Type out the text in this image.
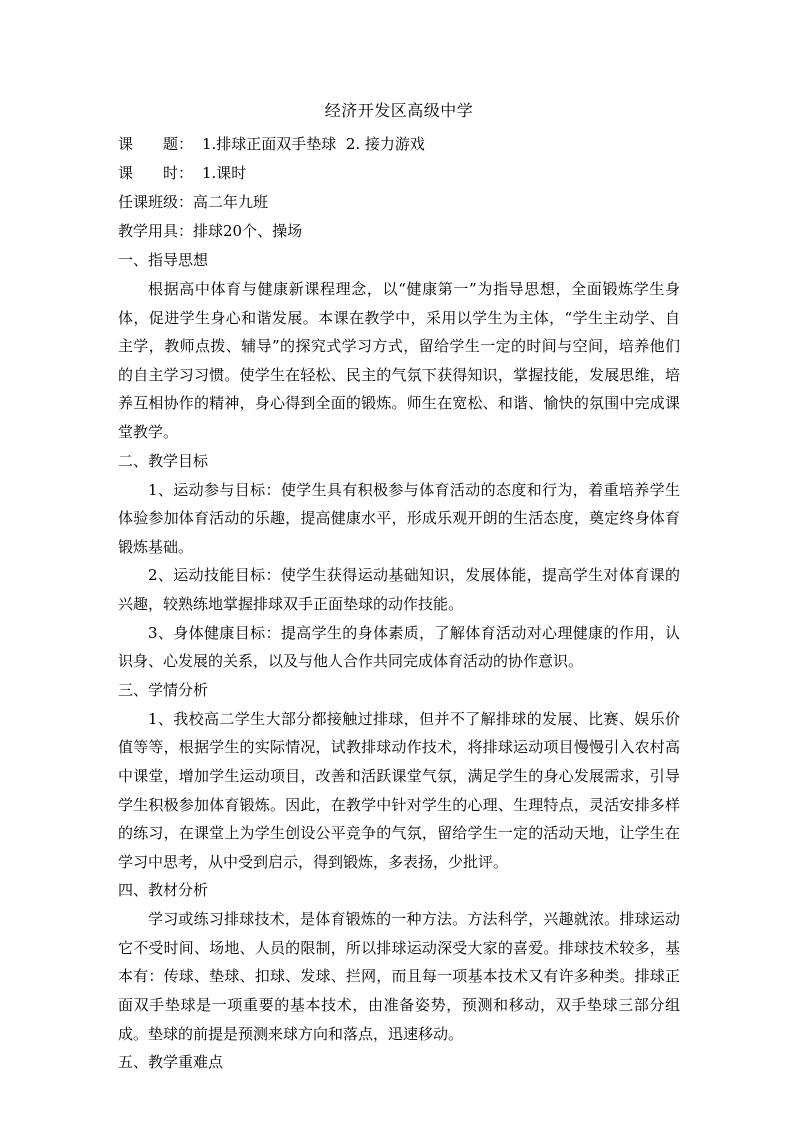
经济开发区高级中学
课 题： 1.排球正面双手垫球  2. 接力游戏
课 时： 1.课时
任课班级：高二年九班
教学用具：排球20个、操场
一、指导思想

根据高中体育与健康新课程理念，以“健康第一”为指导思想，全面锻炼学生身体，促进学生身心和谐发展。本课在教学中，采用以学生为主体，“学生主动学、自主学，教师点拨、辅导”的探究式学习方式，留给学生一定的时间与空间，培养他们的自主学习习惯。使学生在轻松、民主的气氛下获得知识，掌握技能，发展思维，培养互相协作的精神，身心得到全面的锻炼。师生在宽松、和谐、愉快的氛围中完成课堂教学。

二、教学目标

1、运动参与目标：使学生具有积极参与体育活动的态度和行为，着重培养学生体验参加体育活动的乐趣，提高健康水平，形成乐观开朗的生活态度，奠定终身体育锻炼基础。

2、运动技能目标：使学生获得运动基础知识，发展体能，提高学生对体育课的兴趣，较熟练地掌握排球双手正面垫球的动作技能。

3、身体健康目标：提高学生的身体素质，了解体育活动对心理健康的作用，认识身、心发展的关系，以及与他人合作共同完成体育活动的协作意识。

三、学情分析

1、我校高二学生大部分都接触过排球，但并不了解排球的发展、比赛、娱乐价值等等，根据学生的实际情况，试教排球动作技术，将排球运动项目慢慢引入农村高中课堂，增加学生运动项目，改善和活跃课堂气氛，满足学生的身心发展需求，引导学生积极参加体育锻炼。因此，在教学中针对学生的心理、生理特点，灵活安排多样的练习，在课堂上为学生创设公平竞争的气氛，留给学生一定的活动天地，让学生在学习中思考，从中受到启示，得到锻炼，多表扬，少批评。

四、教材分析

学习或练习排球技术，是体育锻炼的一种方法。方法科学，兴趣就浓。排球运动它不受时间、场地、人员的限制，所以排球运动深受大家的喜爱。排球技术较多，基本有：传球、垫球、扣球、发球、拦网，而且每一项基本技术又有许多种类。排球正面双手垫球是一项重要的基本技术，由准备姿势，预测和移动，双手垫球三部分组成。垫球的前提是预测来球方向和落点，迅速移动。

五、教学重难点
